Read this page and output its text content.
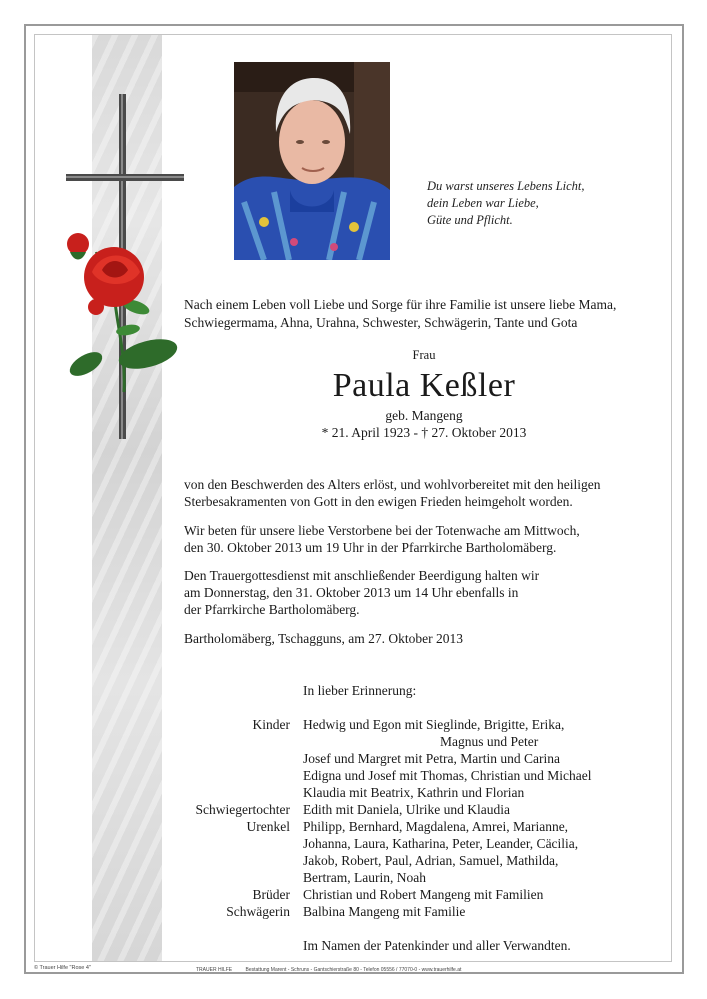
Du warst unseres Lebens Licht,
dein Leben war Liebe,
Güte und Pflicht.
Nach einem Leben voll Liebe und Sorge für ihre Familie ist unsere liebe Mama,
Schwiegermama, Ahna, Urahna, Schwester, Schwägerin, Tante und Gota
Frau
Paula Keßler
geb. Mangeng
* 21. April 1923 - † 27. Oktober 2013
von den Beschwerden des Alters erlöst, und wohlvorbereitet mit den heiligen
Sterbesakramenten von Gott in den ewigen Frieden heimgeholt worden.
Wir beten für unsere liebe Verstorbene bei der Totenwache am Mittwoch,
den 30. Oktober 2013 um 19 Uhr in der Pfarrkirche Bartholomäberg.
Den Trauergottesdienst mit anschließender Beerdigung halten wir
am Donnerstag, den 31. Oktober 2013 um 14 Uhr ebenfalls in
der Pfarrkirche Bartholomäberg.
Bartholomäberg, Tschagguns, am 27. Oktober 2013
In lieber Erinnerung:
Kinder Hedwig und Egon mit Sieglinde, Brigitte, Erika,
Magnus und Peter
Josef und Margret mit Petra, Martin und Carina
Edigna und Josef mit Thomas, Christian und Michael
Klaudia mit Beatrix, Kathrin und Florian
Schwiegertochter Edith mit Daniela, Ulrike und Klaudia
Urenkel Philipp, Bernhard, Magdalena, Amrei, Marianne,
Johanna, Laura, Katharina, Peter, Leander, Cäcilia,
Jakob, Robert, Paul, Adrian, Samuel, Mathilda,
Bertram, Laurin, Noah
Brüder Christian und Robert Mangeng mit Familien
Schwägerin Balbina Mangeng mit Familie
Im Namen der Patenkinder und aller Verwandten.
© Trauer Hilfe "Rose 4"	TRAUER HILFE	Bestattung Marent - Schruns - Gantschierstraße 80 - Telefon 05556 / 77070-0 - www.trauerhilfe.at
